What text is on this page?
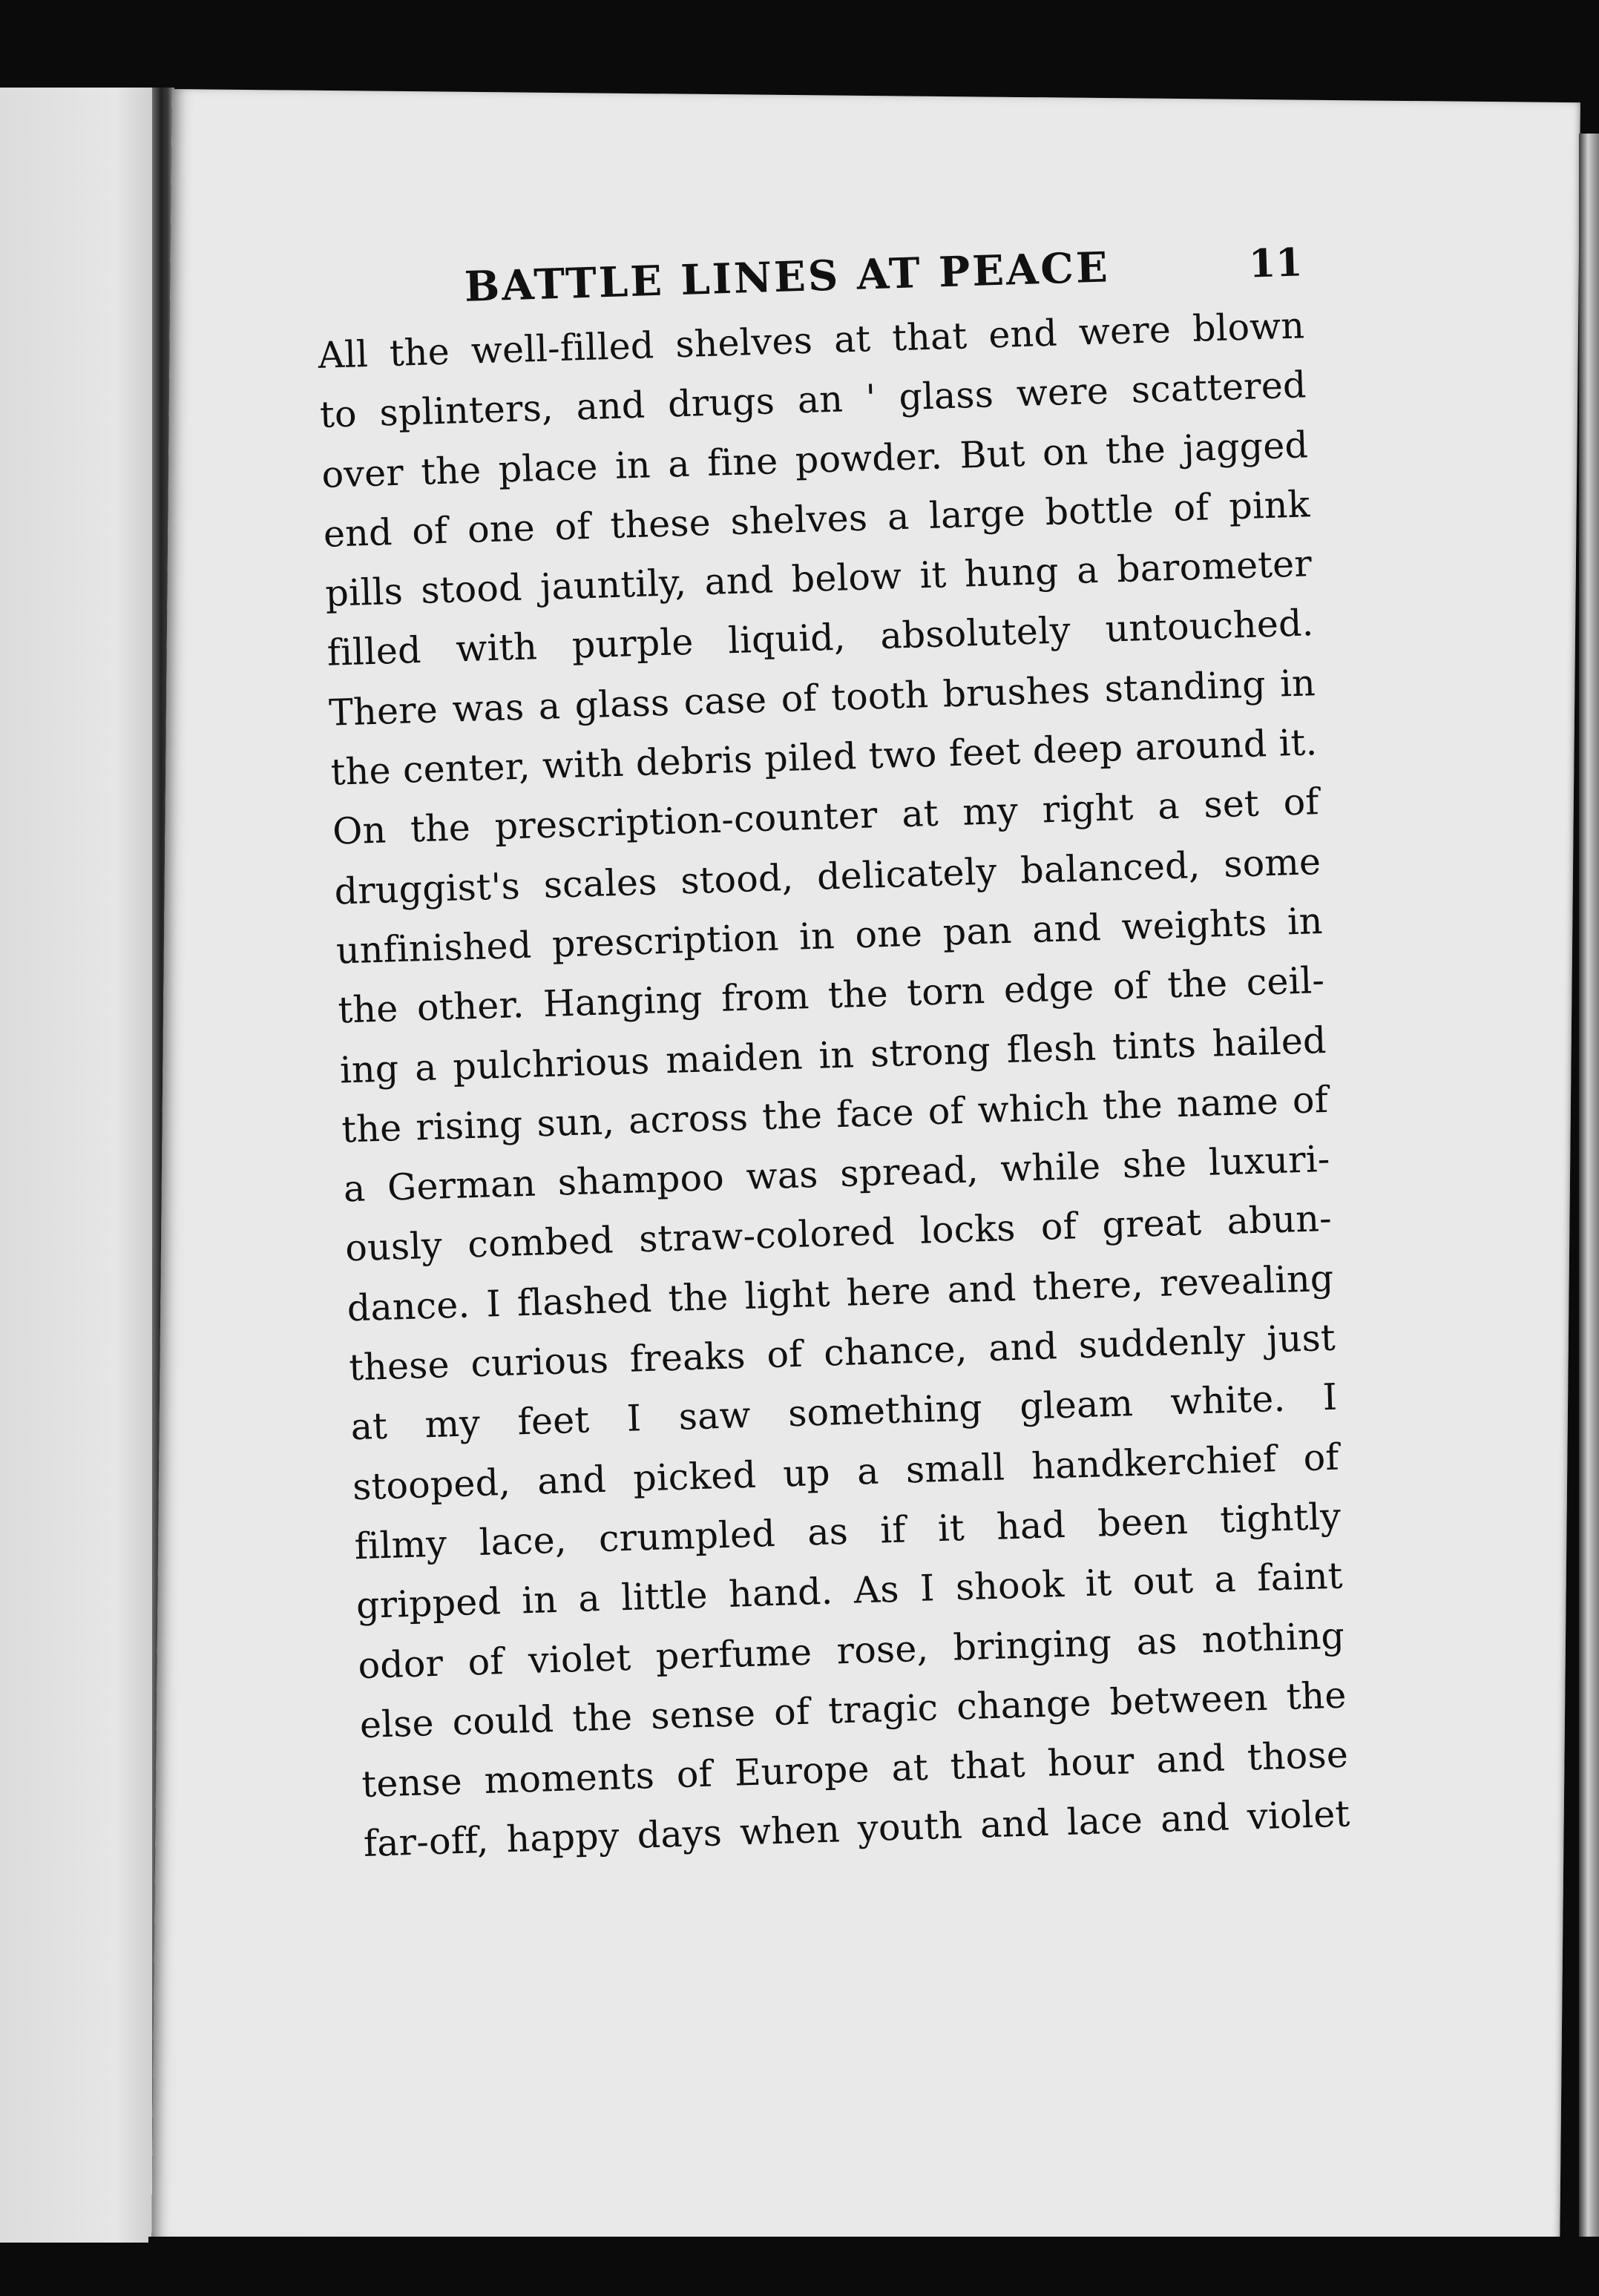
BATTLE LINES AT PEACE	11
All the well-filled shelves at that end were blown
to splinters, and drugs an ' glass were scattered
over the place in a fine powder. But on the jagged
end of one of these shelves a large bottle of pink
pills stood jauntily, and below it hung a barometer
filled with purple liquid, absolutely untouched.
There was a glass case of tooth brushes standing in
the center, with debris piled two feet deep around it.
On the prescription-counter at my right a set of
druggist's scales stood, delicately balanced, some
unfinished prescription in one pan and weights in
the other. Hanging from the torn edge of the ceil-
ing a pulchrious maiden in strong flesh tints hailed
the rising sun, across the face of which the name of
a German shampoo was spread, while she luxuri-
ously combed straw-colored locks of great abun-
dance. I flashed the light here and there, revealing
these curious freaks of chance, and suddenly just
at my feet I saw something gleam white. I
stooped, and picked up a small handkerchief of
filmy lace, crumpled as if it had been tightly
gripped in a little hand. As I shook it out a faint
odor of violet perfume rose, bringing as nothing
else could the sense of tragic change between the
tense moments of Europe at that hour and those
far-off, happy days when youth and lace and violet
